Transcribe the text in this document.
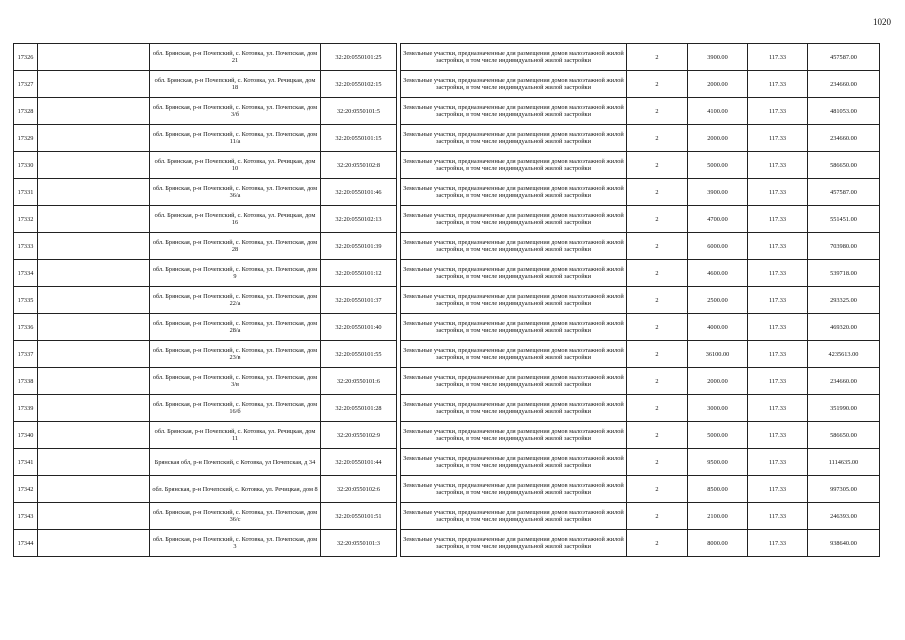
1020
17326		обл. Брянская, р-н Почепский, с. Котовка, ул. Почепская, дом 21	32:20:0550101:25		Земельные участки, предназначенные для размещения домов малоэтажной жилой застройки, в том числе индивидуальной жилой застройки	2	3900.00	117.33	457587.00
17327		обл. Брянская, р-н Почепский, с. Котовка, ул. Речицкая, дом 18	32:20:0550102:15		Земельные участки, предназначенные для размещения домов малоэтажной жилой застройки, в том числе индивидуальной жилой застройки	2	2000.00	117.33	234660.00
17328		обл. Брянская, р-н Почепский, с. Котовка, ул. Почепская, дом 3/б	32:20:0550101:5		Земельные участки, предназначенные для размещения домов малоэтажной жилой застройки, в том числе индивидуальной жилой застройки	2	4100.00	117.33	481053.00
17329		обл. Брянская, р-н Почепский, с. Котовка, ул. Почепская, дом 11/а	32:20:0550101:15		Земельные участки, предназначенные для размещения домов малоэтажной жилой застройки, в том числе индивидуальной жилой застройки	2	2000.00	117.33	234660.00
17330		обл. Брянская, р-н Почепский, с. Котовка, ул. Речицкая, дом 10	32:20:0550102:8		Земельные участки, предназначенные для размещения домов малоэтажной жилой застройки, в том числе индивидуальной жилой застройки	2	5000.00	117.33	586650.00
17331		обл. Брянская, р-н Почепский, с. Котовка, ул. Почепская, дом 36/а	32:20:0550101:46		Земельные участки, предназначенные для размещения домов малоэтажной жилой застройки, в том числе индивидуальной жилой застройки	2	3900.00	117.33	457587.00
17332		обл. Брянская, р-н Почепский, с. Котовка, ул. Речицкая, дом 16	32:20:0550102:13		Земельные участки, предназначенные для размещения домов малоэтажной жилой застройки, в том числе индивидуальной жилой застройки	2	4700.00	117.33	551451.00
17333		обл. Брянская, р-н Почепский, с. Котовка, ул. Почепская, дом 28	32:20:0550101:39		Земельные участки, предназначенные для размещения домов малоэтажной жилой застройки, в том числе индивидуальной жилой застройки	2	6000.00	117.33	703980.00
17334		обл. Брянская, р-н Почепский, с. Котовка, ул. Почепская, дом 9	32:20:0550101:12		Земельные участки, предназначенные для размещения домов малоэтажной жилой застройки, в том числе индивидуальной жилой застройки	2	4600.00	117.33	539718.00
17335		обл. Брянская, р-н Почепский, с. Котовка, ул. Почепская, дом 22/а	32:20:0550101:37		Земельные участки, предназначенные для размещения домов малоэтажной жилой застройки, в том числе индивидуальной жилой застройки	2	2500.00	117.33	293325.00
17336		обл. Брянская, р-н Почепский, с. Котовка, ул. Почепская, дом 28/а	32:20:0550101:40		Земельные участки, предназначенные для размещения домов малоэтажной жилой застройки, в том числе индивидуальной жилой застройки	2	4000.00	117.33	469320.00
17337		обл. Брянская, р-н Почепский, с. Котовка, ул. Почепская, дом 23/в	32:20:0550101:55		Земельные участки, предназначенные для размещения домов малоэтажной жилой застройки, в том числе индивидуальной жилой застройки	2	36100.00	117.33	4235613.00
17338		обл. Брянская, р-н Почепский, с. Котовка, ул. Почепская, дом 3/в	32:20:0550101:6		Земельные участки, предназначенные для размещения домов малоэтажной жилой застройки, в том числе индивидуальной жилой застройки	2	2000.00	117.33	234660.00
17339		обл. Брянская, р-н Почепский, с. Котовка, ул. Почепская, дом 16/б	32:20:0550101:28		Земельные участки, предназначенные для размещения домов малоэтажной жилой застройки, в том числе индивидуальной жилой застройки	2	3000.00	117.33	351990.00
17340		обл. Брянская, р-н Почепский, с. Котовка, ул. Речицкая, дом 11	32:20:0550102:9		Земельные участки, предназначенные для размещения домов малоэтажной жилой застройки, в том числе индивидуальной жилой застройки	2	5000.00	117.33	586650.00
17341		Брянская обл, р-н Почепский, с Котовка, ул Почепская, д 34	32:20:0550101:44		Земельные участки, предназначенные для размещения домов малоэтажной жилой застройки, в том числе индивидуальной жилой застройки	2	9500.00	117.33	1114635.00
17342		обл. Брянская, р-н Почепский, с. Котовка, ул. Речицкая, дом 8	32:20:0550102:6		Земельные участки, предназначенные для размещения домов малоэтажной жилой застройки, в том числе индивидуальной жилой застройки	2	8500.00	117.33	997305.00
17343		обл. Брянская, р-н Почепский, с. Котовка, ул. Почепская, дом 36/с	32:20:0550101:51		Земельные участки, предназначенные для размещения домов малоэтажной жилой застройки, в том числе индивидуальной жилой застройки	2	2100.00	117.33	246393.00
17344		обл. Брянская, р-н Почепский, с. Котовка, ул. Почепская, дом 3	32:20:0550101:3		Земельные участки, предназначенные для размещения домов малоэтажной жилой застройки, в том числе индивидуальной жилой застройки	2	8000.00	117.33	938640.00
